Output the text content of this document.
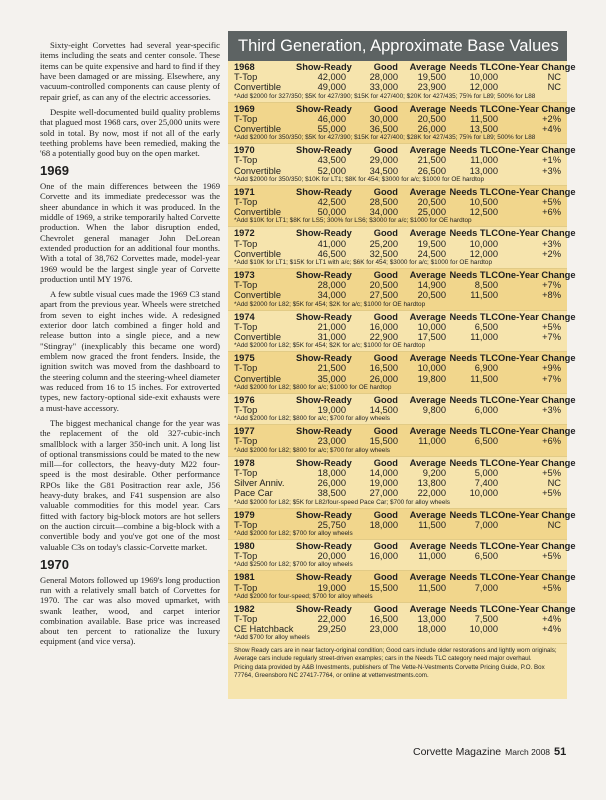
Sixty-eight Corvettes had several year-specific items including the seats and center console. These items can be quite expensive and hard to find if they have been damaged or are missing. Elsewhere, any vacuum-controlled components can cause plenty of repair grief, as can any of the electric accessories.

Despite well-documented build quality problems that plagued most 1968 cars, over 25,000 units were sold in total. By now, most if not all of the early teething problems have been remedied, making the '68 a potentially good buy on the open market.

1969

One of the main differences between the 1969 Corvette and its immediate predecessor was the sheer abundance in which it was produced. In the middle of 1969, a strike temporarily halted Corvette production. When the labor disruption ended, Chevrolet general manager John DeLorean extended production for an additional four months. With a total of 38,762 Corvettes made, model-year 1969 would be the largest single year of Corvette production until MY 1976.

A few subtle visual cues made the 1969 C3 stand apart from the previous year. Wheels were stretched from seven to eight inches wide. A redesigned exterior door latch combined a finger hold and release button into a single piece, and a new "Stingray" (inexplicably this became one word) emblem now graced the front fenders. Inside, the ignition switch was moved from the dashboard to the steering column and the steering-wheel diameter was reduced from 16 to 15 inches. For extroverted types, new factory-optional side-exit exhausts were a must-have accessory.

The biggest mechanical change for the year was the replacement of the old 327-cubic-inch smallblock with a larger 350-inch unit. A long list of optional transmissions could be mated to the new mill—for collectors, the heavy-duty M22 four-speed is the most desirable. Other performance RPOs like the G81 Positraction rear axle, J56 heavy-duty brakes, and F41 suspension are also valuable commodities for this model year. Cars fitted with factory big-block motors are hot sellers on the auction circuit—combine a big-block with a convertible body and you've got one of the most valuable C3s on today's classic-Corvette market.

1970

General Motors followed up 1969's long production run with a relatively small batch of Corvettes for 1970. The car was also moved upmarket, with swank leather, wood, and carpet interior combination available. Base price was increased about ten percent to rationalize the luxury equipment (and vice versa).

Third Generation, Approximate Base Values
1968	Show-Ready	Good	Average Needs TLC One-Year Change
T-Top	42,000	28,000	19,500	10,000	NC
Convertible	49,000	33,000	23,900	12,000	NC
*Add $2000 for 327/350; $5K for 427/390; $15K for 427/400; $20K for 427/435; 75% for L89; 500% for L88
1969	Show-Ready	Good	Average Needs TLC One-Year Change
T-Top	46,000	30,000	20,500	11,500	+2%
Convertible	55,000	36,500	26,000	13,500	+4%
*Add $2000 for 350/350; $5K for 427/390; $15K for 427/400; $28K for 427/435; 75% for L89; 500% for L88
1970	Show-Ready	Good	Average Needs TLC One-Year Change
T-Top	43,500	29,000	21,500	11,000	+1%
Convertible	52,000	34,500	26,500	13,000	+3%
*Add $2000 for 350/350; $10K for LT1; $8K for 454; $3000 for a/c; $1000 for OE hardtop
1971	Show-Ready	Good	Average Needs TLC One-Year Change
T-Top	42,500	28,500	20,500	10,500	+5%
Convertible	50,000	34,000	25,000	12,500	+6%
*Add $10K for LT1; $8K for LS5; 300% for LS6; $3000 for a/c; $1000 for OE hardtop
1972	Show-Ready	Good	Average Needs TLC One-Year Change
T-Top	41,000	25,200	19,500	10,000	+3%
Convertible	46,500	32,500	24,500	12,000	+2%
*Add $10K for LT1; $15K for LT1 with a/c; $6K for 454; $3000 for a/c; $1000 for OE hardtop
1973	Show-Ready	Good	Average Needs TLC One-Year Change
T-Top	28,000	20,500	14,900	8,500	+7%
Convertible	34,000	27,500	20,500	11,500	+8%
*Add $2000 for L82; $5K for 454; $2K for a/c; $1000 for OE hardtop
1974	Show-Ready	Good	Average Needs TLC One-Year Change
T-Top	21,000	16,000	10,000	6,500	+5%
Convertible	31,000	22,900	17,500	11,000	+7%
*Add $2000 for L82; $5K for 454; $2K for a/c; $1000 for OE hardtop
1975	Show-Ready	Good	Average Needs TLC One-Year Change
T-Top	21,500	16,500	10,000	6,900	+9%
Convertible	35,000	26,000	19,800	11,500	+7%
*Add $2000 for L82; $800 for a/c; $1000 for OE hardtop
1976	Show-Ready	Good	Average Needs TLC One-Year Change
T-Top	19,000	14,500	9,800	6,000	+3%
*Add $2000 for L82; $800 for a/c; $700 for alloy wheels
1977	Show-Ready	Good	Average Needs TLC One-Year Change
T-Top	23,000	15,500	11,000	6,500	+6%
*Add $2000 for L82; $800 for a/c; $700 for alloy wheels
1978	Show-Ready	Good	Average Needs TLC One-Year Change
T-Top	18,000	14,000	9,200	5,000	+5%
Silver Anniv.	26,000	19,000	13,800	7,400	NC
Pace Car	38,500	27,000	22,000	10,000	+5%
*Add $2000 for L82; $5K for L82/four-speed Pace Car; $700 for alloy wheels
1979	Show-Ready	Good	Average Needs TLC One-Year Change
T-Top	25,750	18,000	11,500	7,000	NC
*Add $2000 for L82; $700 for alloy wheels
1980	Show-Ready	Good	Average Needs TLC One-Year Change
T-Top	20,000	16,000	11,000	6,500	+5%
*Add $2500 for L82; $700 for alloy wheels
1981	Show-Ready	Good	Average Needs TLC One-Year Change
T-Top	19,000	15,500	11,500	7,000	+5%
*Add $2000 for four-speed; $700 for alloy wheels
1982	Show-Ready	Good	Average Needs TLC One-Year Change
T-Top	22,000	16,500	13,000	7,500	+4%
CE Hatchback	29,250	23,000	18,000	10,000	+4%
*Add $700 for alloy wheels

Show Ready cars are in near factory-original condition; Good cars include older restorations and lightly worn originals; Average cars include regularly street-driven examples; cars in the Needs TLC category need major overhaul.

Pricing data provided by A&B Investments, publishers of The Vette-N-Vestments Corvette Pricing Guide, P.O. Box 77764, Greensboro NC 27417-7764, or online at vettenvestments.com.

Corvette Magazine March 2008 51
